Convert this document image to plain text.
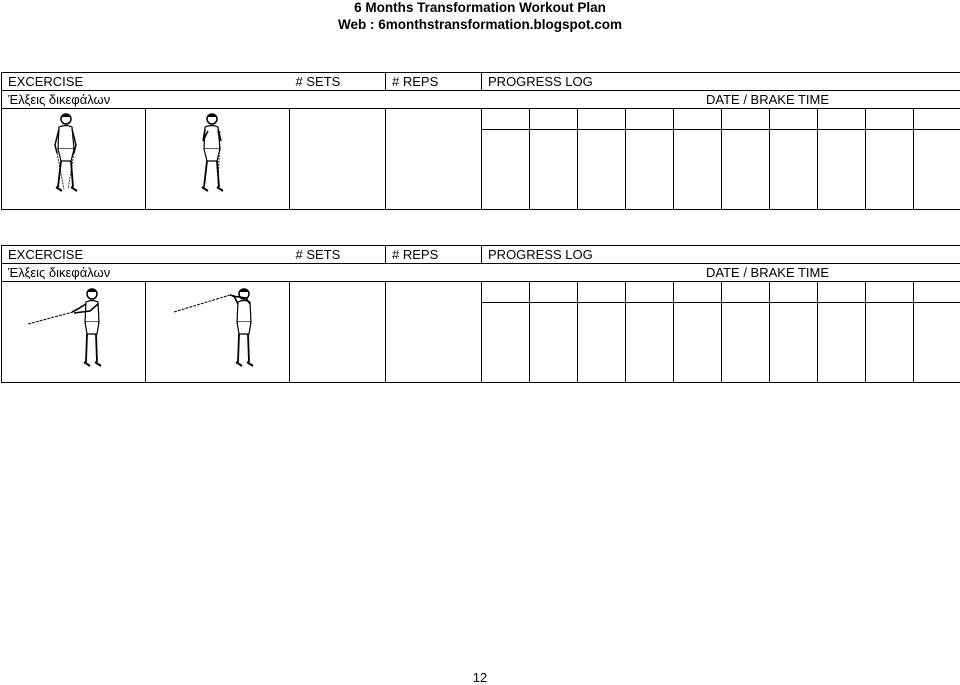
6 Months Transformation Workout Plan
Web : 6monthstransformation.blogspot.com
EXCERCISE		# SETS	# REPS	PROGRESS LOG										
Έλξεις δικεφάλων				DATE / BRAKE TIME										

EXCERCISE		# SETS	# REPS	PROGRESS LOG										
Έλξεις δικεφάλων				DATE / BRAKE TIME										

12
